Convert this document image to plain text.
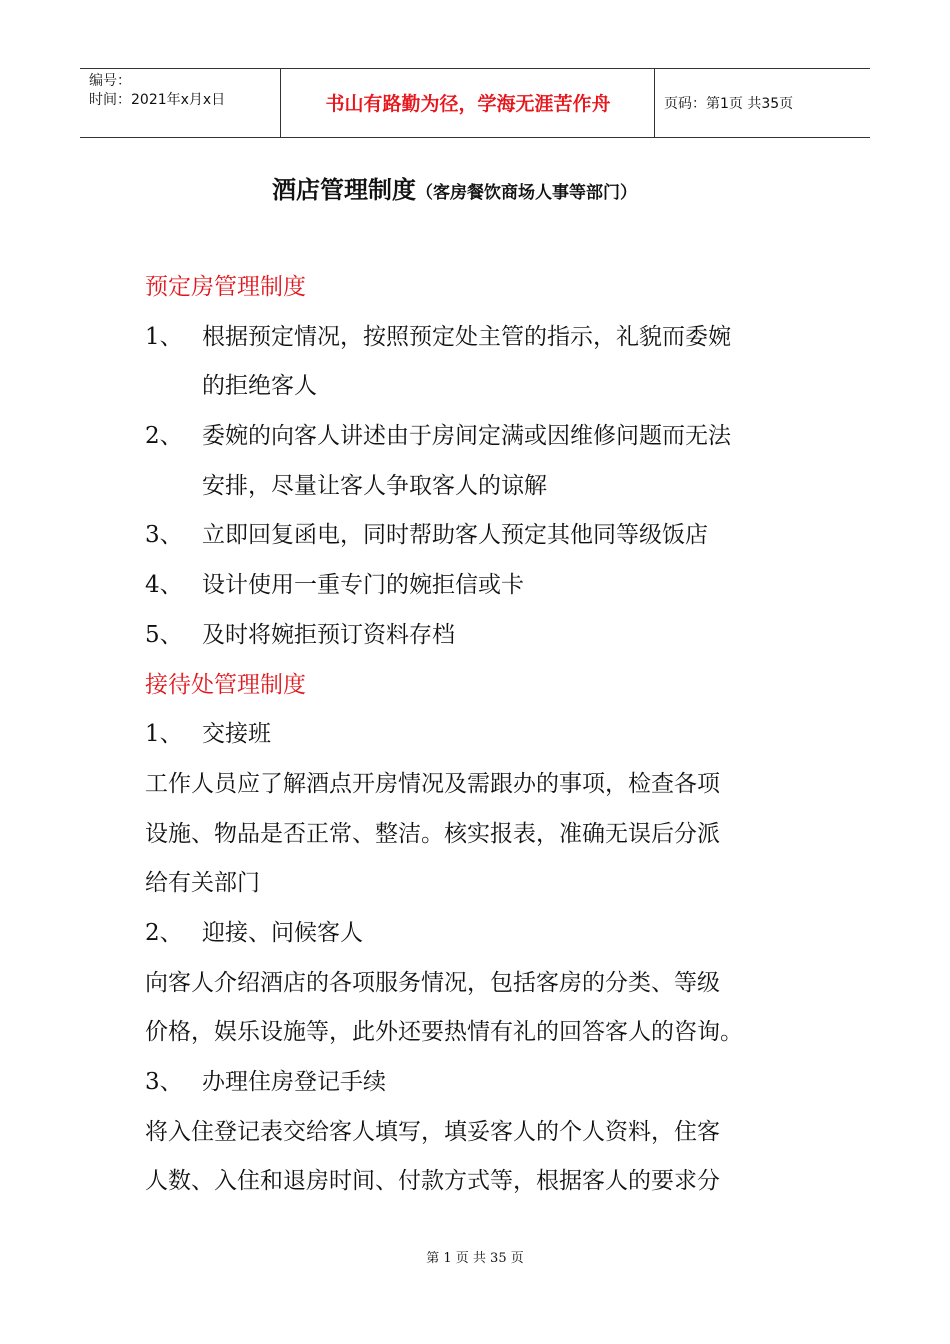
编号：
时间：2021年x月x日	书山有路勤为径，学海无涯苦作舟	页码：第1页 共35页
酒店管理制度（客房餐饮商场人事等部门）
预定房管理制度
1、 根据预定情况，按照预定处主管的指示，礼貌而委婉
的拒绝客人
2、 委婉的向客人讲述由于房间定满或因维修问题而无法
安排，尽量让客人争取客人的谅解
3、 立即回复函电，同时帮助客人预定其他同等级饭店
4、 设计使用一重专门的婉拒信或卡
5、 及时将婉拒预订资料存档
接待处管理制度
1、 交接班
工作人员应了解酒点开房情况及需跟办的事项，检查各项
设施、物品是否正常、整洁。核实报表，准确无误后分派
给有关部门
2、 迎接、问候客人
向客人介绍酒店的各项服务情况，包括客房的分类、等级
价格，娱乐设施等，此外还要热情有礼的回答客人的咨询。
3、 办理住房登记手续
将入住登记表交给客人填写，填妥客人的个人资料，住客
人数、入住和退房时间、付款方式等，根据客人的要求分
第 1 页 共 35 页
